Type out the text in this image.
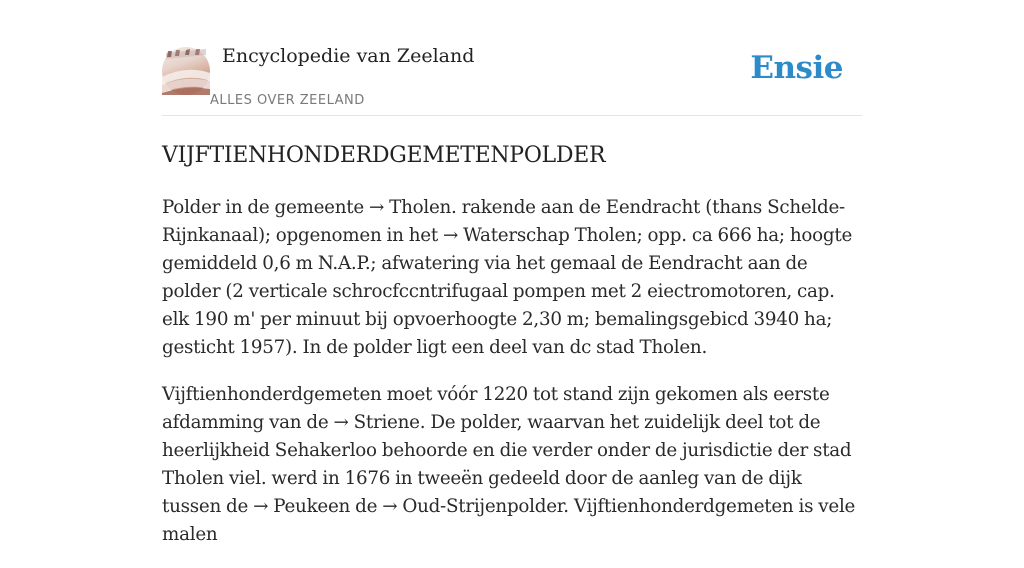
Encyclopedie van Zeeland
ALLES OVER ZEELAND
Ensie
VIJFTIENHONDERDGEMETENPOLDER

Polder in de gemeente → Tholen. rakende aan de Eendracht (thans Schelde-Rijnkanaal); opgenomen in het → Waterschap Tholen; opp. ca 666 ha; hoogte gemiddeld 0,6 m N.A.P.; afwatering via het gemaal de Eendracht aan de polder (2 verticale schrocfccntrifugaal pompen met 2 eiectromotoren, cap. elk 190 m' per minuut bij opvoerhoogte 2,30 m; bemalingsgebicd 3940 ha; gesticht 1957). In de polder ligt een deel van dc stad Tholen.

Vijftienhonderdgemeten moet vóór 1220 tot stand zijn gekomen als eerste afdamming van de → Striene. De polder, waarvan het zuidelijk deel tot de heerlijkheid Sehakerloo behoorde en die verder onder de jurisdictie der stad Tholen viel. werd in 1676 in tweeën gedeeld door de aanleg van de dijk tussen de → Peukeen de → Oud-Strijenpolder. Vijftienhonderdgemeten is vele malen
